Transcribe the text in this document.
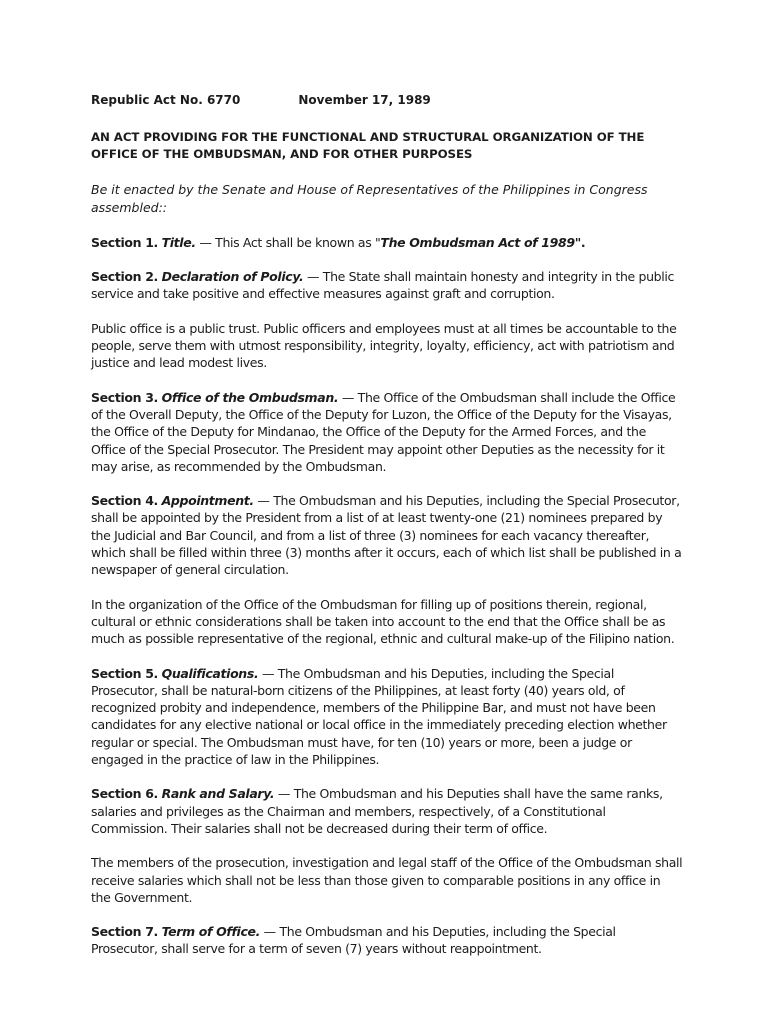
Republic Act No. 6770	November 17, 1989

AN ACT PROVIDING FOR THE FUNCTIONAL AND STRUCTURAL ORGANIZATION OF THE OFFICE OF THE OMBUDSMAN, AND FOR OTHER PURPOSES

Be it enacted by the Senate and House of Representatives of the Philippines in Congress assembled::

Section 1. Title. — This Act shall be known as "The Ombudsman Act of 1989".

Section 2. Declaration of Policy. — The State shall maintain honesty and integrity in the public service and take positive and effective measures against graft and corruption.

Public office is a public trust. Public officers and employees must at all times be accountable to the people, serve them with utmost responsibility, integrity, loyalty, efficiency, act with patriotism and justice and lead modest lives.

Section 3. Office of the Ombudsman. — The Office of the Ombudsman shall include the Office of the Overall Deputy, the Office of the Deputy for Luzon, the Office of the Deputy for the Visayas, the Office of the Deputy for Mindanao, the Office of the Deputy for the Armed Forces, and the Office of the Special Prosecutor. The President may appoint other Deputies as the necessity for it may arise, as recommended by the Ombudsman.

Section 4. Appointment. — The Ombudsman and his Deputies, including the Special Prosecutor, shall be appointed by the President from a list of at least twenty-one (21) nominees prepared by the Judicial and Bar Council, and from a list of three (3) nominees for each vacancy thereafter, which shall be filled within three (3) months after it occurs, each of which list shall be published in a newspaper of general circulation.

In the organization of the Office of the Ombudsman for filling up of positions therein, regional, cultural or ethnic considerations shall be taken into account to the end that the Office shall be as much as possible representative of the regional, ethnic and cultural make-up of the Filipino nation.

Section 5. Qualifications. — The Ombudsman and his Deputies, including the Special Prosecutor, shall be natural-born citizens of the Philippines, at least forty (40) years old, of recognized probity and independence, members of the Philippine Bar, and must not have been candidates for any elective national or local office in the immediately preceding election whether regular or special. The Ombudsman must have, for ten (10) years or more, been a judge or engaged in the practice of law in the Philippines.

Section 6. Rank and Salary. — The Ombudsman and his Deputies shall have the same ranks, salaries and privileges as the Chairman and members, respectively, of a Constitutional Commission. Their salaries shall not be decreased during their term of office.

The members of the prosecution, investigation and legal staff of the Office of the Ombudsman shall receive salaries which shall not be less than those given to comparable positions in any office in the Government.

Section 7. Term of Office. — The Ombudsman and his Deputies, including the Special Prosecutor, shall serve for a term of seven (7) years without reappointment.
